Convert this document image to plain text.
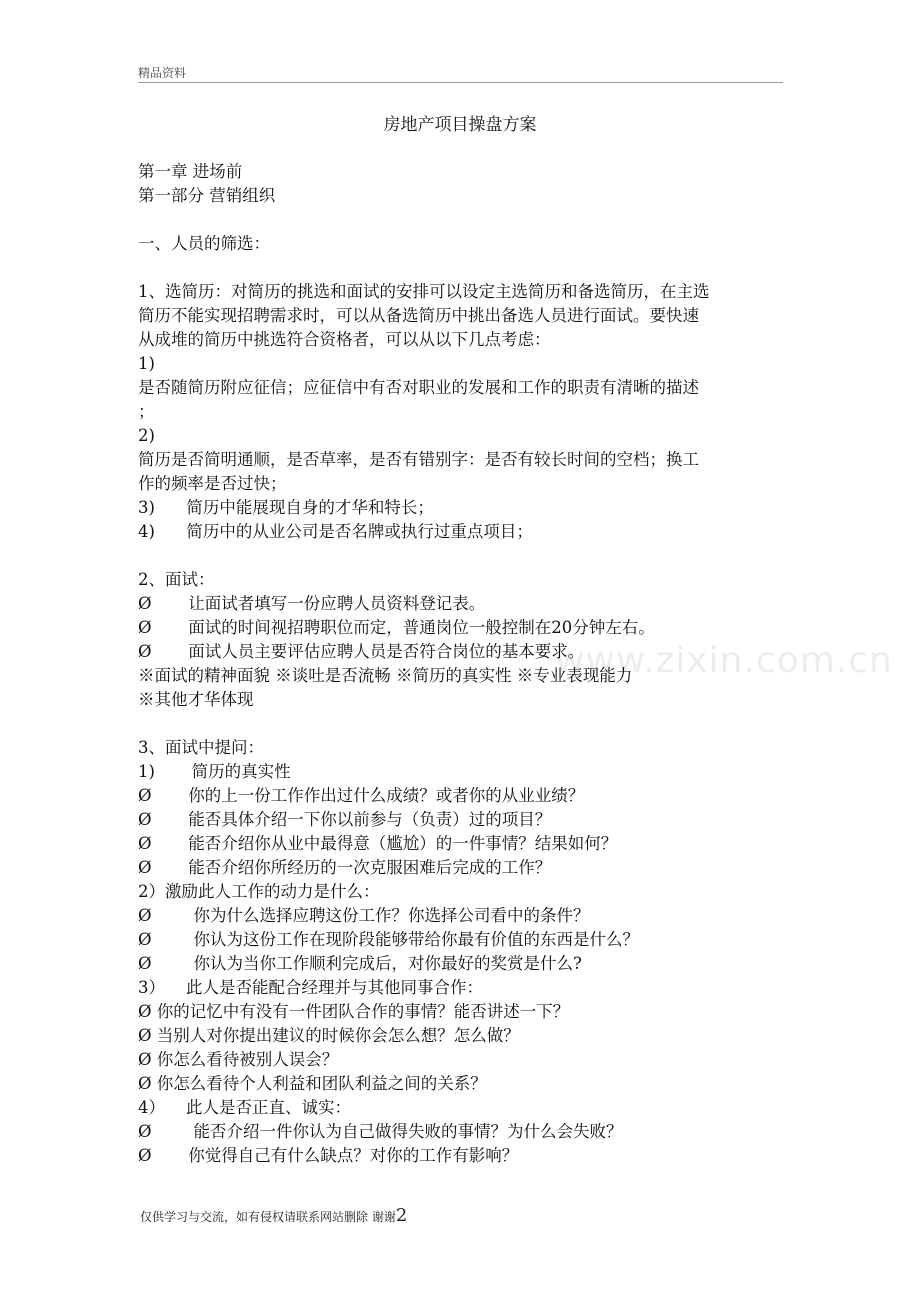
精品资料
房地产项目操盘方案
第一章 进场前
第一部分 营销组织
一、人员的筛选：
1、选简历：对简历的挑选和面试的安排可以设定主选简历和备选简历，在主选
简历不能实现招聘需求时，可以从备选简历中挑出备选人员进行面试。要快速
从成堆的简历中挑选符合资格者，可以从以下几点考虑：
1)
是否随简历附应征信；应征信中有否对职业的发展和工作的职责有清晰的描述
；
2)
简历是否简明通顺，是否草率，是否有错别字：是否有较长时间的空档；换工
作的频率是否过快；
3)      简历中能展现自身的才华和特长；
4)      简历中的从业公司是否名牌或执行过重点项目；
2、面试：
Ø       让面试者填写一份应聘人员资料登记表。
Ø       面试的时间视招聘职位而定，普通岗位一般控制在20分钟左右。
Ø       面试人员主要评估应聘人员是否符合岗位的基本要求。
※面试的精神面貌 ※谈吐是否流畅 ※简历的真实性 ※专业表现能力
※其他才华体现
3、面试中提问：
1)       简历的真实性
Ø       你的上一份工作作出过什么成绩？或者你的从业业绩？
Ø       能否具体介绍一下你以前参与（负责）过的项目？
Ø       能否介绍你从业中最得意（尴尬）的一件事情？结果如何？
Ø       能否介绍你所经历的一次克服困难后完成的工作？
2）激励此人工作的动力是什么：
Ø        你为什么选择应聘这份工作？你选择公司看中的条件？
Ø        你认为这份工作在现阶段能够带给你最有价值的东西是什么？
Ø        你认为当你工作顺利完成后，对你最好的奖赏是什么?
3）    此人是否能配合经理并与其他同事合作：
Ø 你的记忆中有没有一件团队合作的事情？能否讲述一下？
Ø 当别人对你提出建议的时候你会怎么想？怎么做？
Ø 你怎么看待被别人误会？
Ø 你怎么看待个人利益和团队利益之间的关系？
4）    此人是否正直、诚实：
Ø        能否介绍一件你认为自己做得失败的事情？为什么会失败？
Ø       你觉得自己有什么缺点？对你的工作有影响？
www.zixin.com.cn
仅供学习与交流，如有侵权请联系网站删除 谢谢2
